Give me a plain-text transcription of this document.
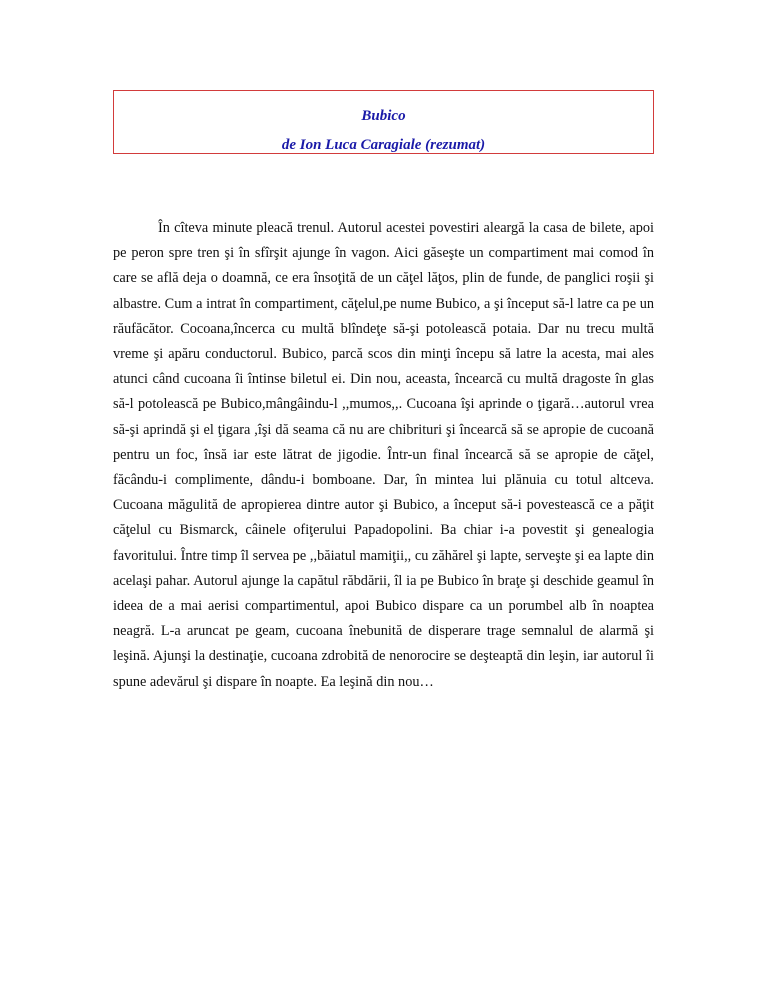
Bubico
de Ion Luca Caragiale (rezumat)

În cîteva minute pleacă trenul. Autorul acestei povestiri aleargă la casa de bilete, apoi pe peron spre tren şi în sfîrşit ajunge în vagon. Aici găseşte un compartiment mai comod în care se află deja o doamnă, ce era însoţită de un căţel lăţos, plin de funde, de panglici roşii şi albastre. Cum a intrat în compartiment, căţelul,pe nume Bubico, a şi început să-l latre ca pe un răufăcător. Cocoana,încerca cu multă blîndeţe să-şi potolească potaia. Dar nu trecu multă vreme şi apăru conductorul. Bubico, parcă scos din minţi începu să latre la acesta, mai ales atunci când cucoana îi întinse biletul ei. Din nou, aceasta, încearcă cu multă dragoste în glas să-l potolească pe Bubico,mângâindu-l ,,mumos,,. Cucoana îşi aprinde o ţigară…autorul vrea să-şi aprindă şi el ţigara ,îşi dă seama că nu are chibrituri şi încearcă să se apropie de cucoană pentru un foc, însă iar este lătrat de jigodie. Într-un final încearcă să se apropie de căţel, făcându-i complimente, dându-i bomboane. Dar, în mintea lui plănuia cu totul altceva. Cucoana măgulită de apropierea dintre autor şi Bubico, a început să-i povestească ce a păţit căţelul cu Bismarck, câinele ofiţerului Papadopolini. Ba chiar i-a povestit şi genealogia favoritului. Între timp îl servea pe ,,băiatul mamiţii,, cu zăhărel şi lapte, serveşte şi ea lapte din acelaşi pahar. Autorul ajunge la capătul răbdării, îl ia pe Bubico în braţe şi deschide geamul în ideea de a mai aerisi compartimentul, apoi Bubico dispare ca un porumbel alb în noaptea neagră. L-a aruncat pe geam, cucoana înebunită de disperare trage semnalul de alarmă şi leşină. Ajunşi la destinaţie, cucoana zdrobită de nenorocire se deşteaptă din leşin, iar autorul îi spune adevărul şi dispare în noapte. Ea leşină din nou…
